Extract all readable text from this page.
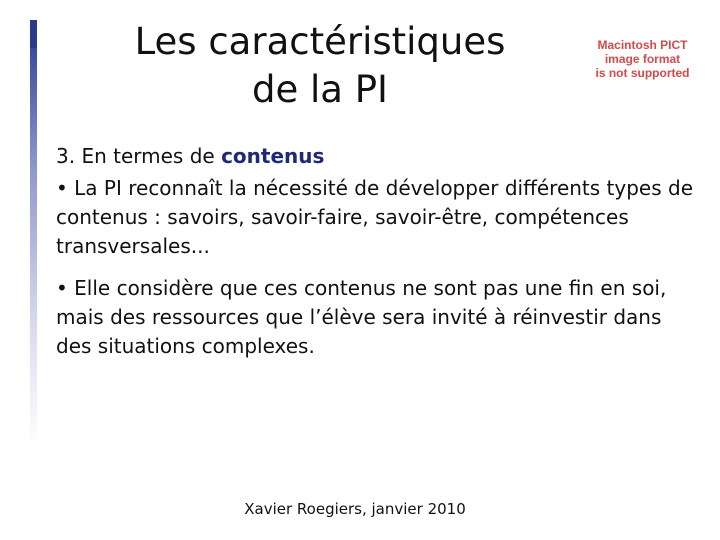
Les caractéristiques
de la PI
Macintosh PICT
image format
is not supported
3. En termes de contenus
• La PI reconnaît la nécessité de développer différents types de contenus : savoirs, savoir-faire, savoir-être, compétences transversales...
• Elle considère que ces contenus ne sont pas une fin en soi, mais des ressources que l’élève sera invité à réinvestir dans des situations complexes.
Xavier Roegiers, janvier 2010
